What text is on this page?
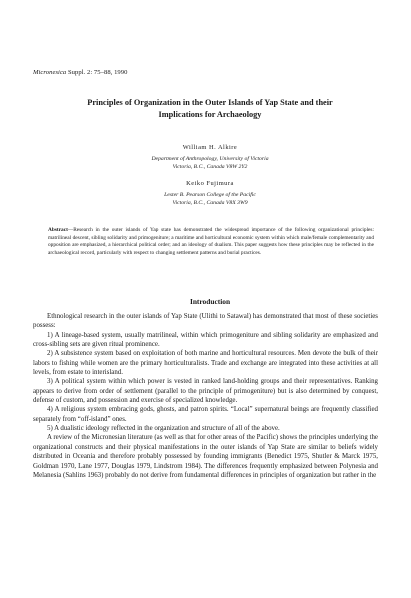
Micronesica Suppl. 2: 75–88, 1990
Principles of Organization in the Outer Islands of Yap State and their
Implications for Archaeology
William H. Alkire
Department of Anthropology, University of Victoria
Victoria, B.C., Canada V8W 2Y2
Keiko Fujimura
Lester B. Pearson College of the Pacific
Victoria, B.C., Canada V8X 3W9
Abstract—Research in the outer islands of Yap state has demonstrated the widespread importance of the following organizational principles: matrilineal descent, sibling solidarity and primogeniture; a maritime and horticultural economic system within which male/female complementarity and opposition are emphasized, a hierarchical political order; and an ideology of dualism. This paper suggests how these principles may be reflected in the archaeological record, particularly with respect to changing settlement patterns and burial practices.
Introduction

Ethnological research in the outer islands of Yap State (Ulithi to Satawal) has demonstrated that most of these societies possess:

1) A lineage-based system, usually matrilineal, within which primogeniture and sibling solidarity are emphasized and cross-sibling sets are given ritual prominence.

2) A subsistence system based on exploitation of both marine and horticultural resources. Men devote the bulk of their labors to fishing while women are the primary horticulturalists. Trade and exchange are integrated into these activities at all levels, from estate to interisland.

3) A political system within which power is vested in ranked land-holding groups and their representatives. Ranking appears to derive from order of settlement (parallel to the principle of primogeniture) but is also determined by conquest, defense of custom, and possession and exercise of specialized knowledge.

4) A religious system embracing gods, ghosts, and patron spirits. “Local” supernatural beings are frequently classified separately from “off-island” ones.

5) A dualistic ideology reflected in the organization and structure of all of the above.

A review of the Micronesian literature (as well as that for other areas of the Pacific) shows the principles underlying the organizational constructs and their physical manifestations in the outer islands of Yap State are similar to beliefs widely distributed in Oceania and therefore probably possessed by founding immigrants (Benedict 1975, Shutler & Marck 1975, Goldman 1970, Lane 1977, Douglas 1979, Lindstrom 1984). The differences frequently emphasized between Polynesia and Melanesia (Sahlins 1963) probably do not derive from fundamental differences in principles of organization but rather in the
